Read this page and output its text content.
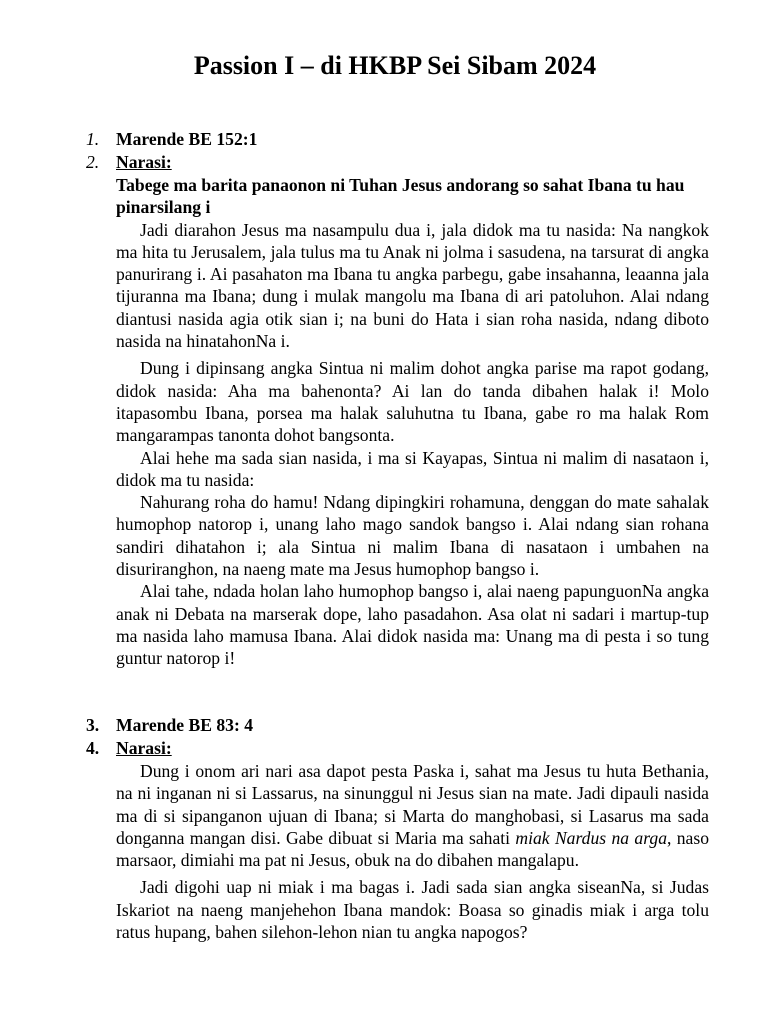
Passion I – di HKBP Sei Sibam 2024
1. Marende BE 152:1
2. Narasi:

Tabege ma barita panaonon ni Tuhan Jesus andorang so sahat Ibana tu hau pinarsilang i

Jadi diarahon Jesus ma nasampulu dua i, jala didok ma tu nasida: Na nangkok ma hita tu Jerusalem, jala tulus ma tu Anak ni jolma i sasudena, na tarsurat di angka panurirang i. Ai pasahaton ma Ibana tu angka parbegu, gabe insahanna, leaanna jala tijuranna ma Ibana; dung i mulak mangolu ma Ibana di ari patoluhon. Alai ndang diantusi nasida agia otik sian i; na buni do Hata i sian roha nasida, ndang diboto nasida na hinatahonNa i.

Dung i dipinsang angka Sintua ni malim dohot angka parise ma rapot godang, didok nasida: Aha ma bahenonta? Ai lan do tanda dibahen halak i! Molo itapasombu Ibana, porsea ma halak saluhutna tu Ibana, gabe ro ma halak Rom mangarampas tanonta dohot bangsonta.

Alai hehe ma sada sian nasida, i ma si Kayapas, Sintua ni malim di nasataon i, didok ma tu nasida:

Nahurang roha do hamu! Ndang dipingkiri rohamuna, denggan do mate sahalak humophop natorop i, unang laho mago sandok bangso i. Alai ndang sian rohana sandiri dihatahon i; ala Sintua ni malim Ibana di nasataon i umbahen na disuriranghon, na naeng mate ma Jesus humophop bangso i.

Alai tahe, ndada holan laho humophop bangso i, alai naeng papunguonNa angka anak ni Debata na marserak dope, laho pasadahon. Asa olat ni sadari i martup-tup ma nasida laho mamusa Ibana. Alai didok nasida ma: Unang ma di pesta i so tung guntur natorop i!

3. Marende BE 83: 4
4. Narasi:

Dung i onom ari nari asa dapot pesta Paska i, sahat ma Jesus tu huta Bethania, na ni inganan ni si Lassarus, na sinunggul ni Jesus sian na mate. Jadi dipauli nasida ma di si sipanganon ujuan di Ibana; si Marta do manghobasi, si Lasarus ma sada donganna mangan disi. Gabe dibuat si Maria ma sahati miak Nardus na arga, naso marsaor, dimiahi ma pat ni Jesus, obuk na do dibahen mangalapu.

Jadi digohi uap ni miak i ma bagas i. Jadi sada sian angka siseanNa, si Judas Iskariot na naeng manjehehon Ibana mandok: Boasa so ginadis miak i arga tolu ratus hupang, bahen silehon-lehon nian tu angka napogos?
